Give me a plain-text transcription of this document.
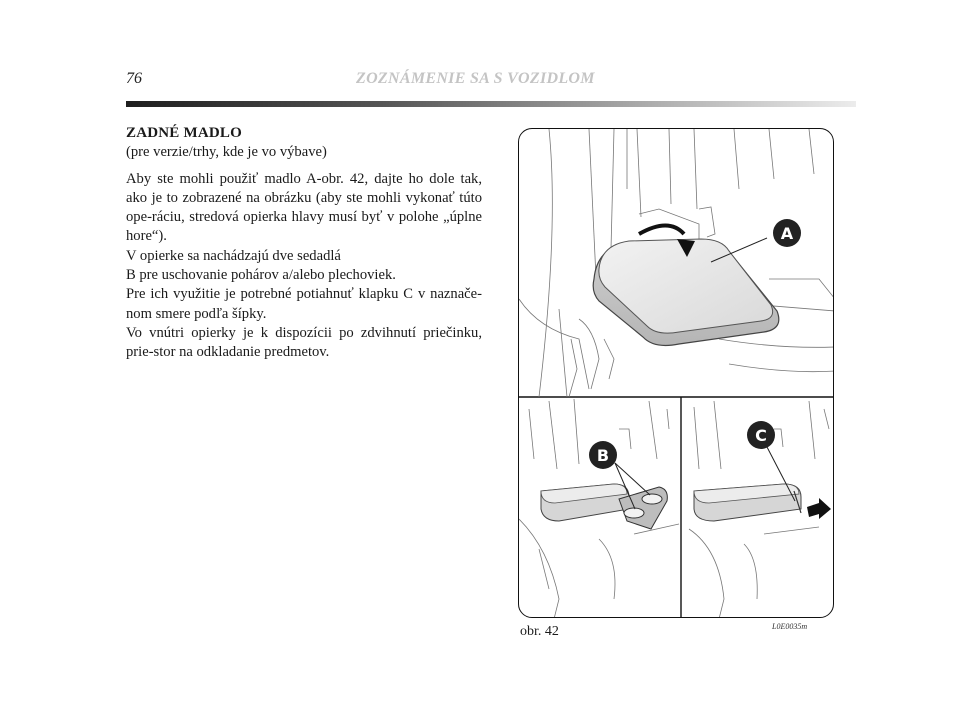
76	ZOZNÁMENIE SA S VOZIDLOM

ZADNÉ MADLO

(pre verzie/trhy, kde je vo výbave)

Aby ste mohli použiť madlo A-obr. 42, dajte ho dole tak, ako je to zobrazené na obrázku (aby ste mohli vykonať túto ope-ráciu, stredová opierka hlavy musí byť v polohe „úplne hore“).

V opierke sa nachádzajú dve sedadlá

B pre uschovanie pohárov a/alebo plechoviek.

Pre ich využitie je potrebné potiahnuť klapku C v naznače-nom smere podľa šípky.

Vo vnútri opierky je k dispozícii po zdvihnutí priečinku, prie-stor na odkladanie predmetov.

A
B
C
obr. 42	L0E0035m
